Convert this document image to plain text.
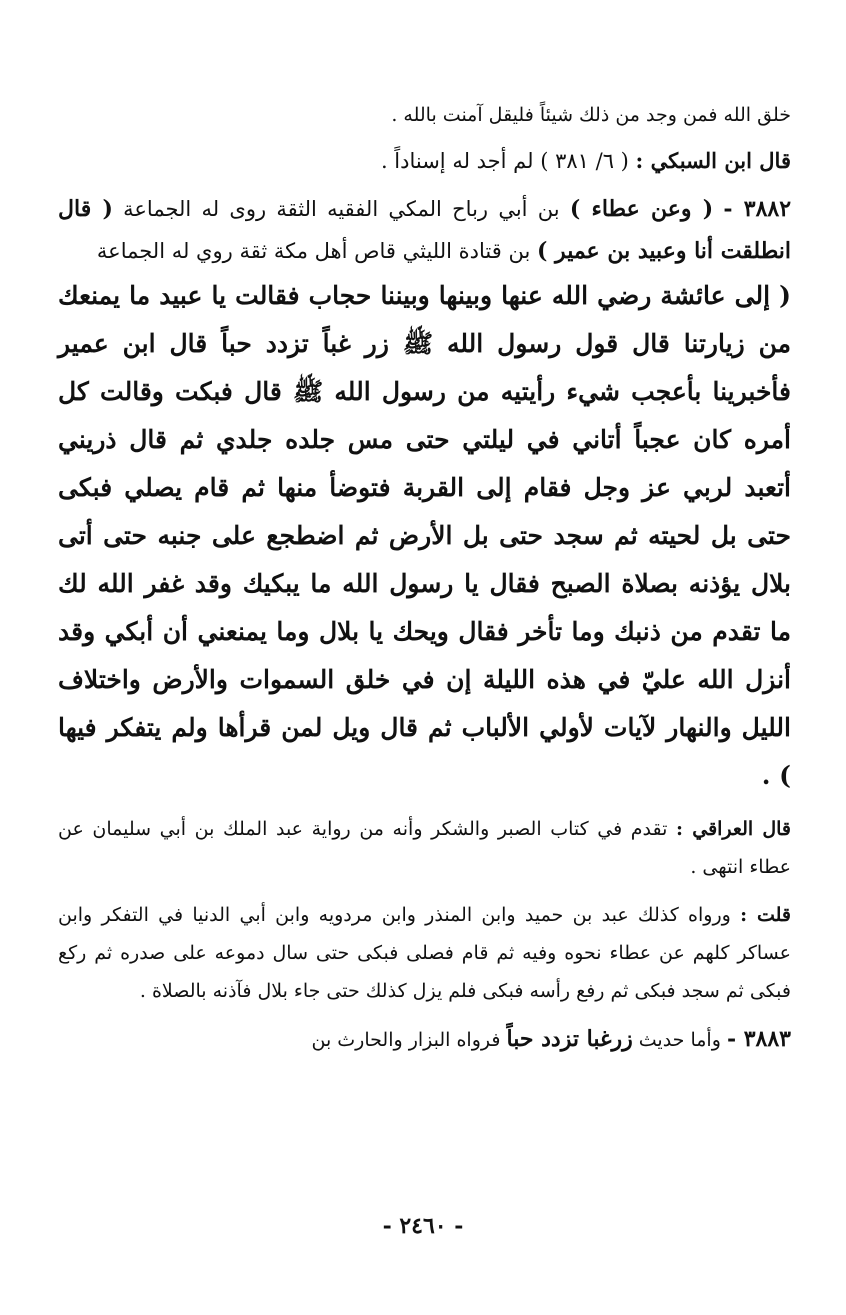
خلق الله فمن وجد من ذلك شيئاً فليقل آمنت بالله .

قال ابن السبكي : ( ٦/ ٣٨١ ) لم أجد له إسناداً .

٣٨٨٢ - ( وعن عطاء ) بن أبي رباح المكي الفقيه الثقة روى له الجماعة ( قال انطلقت أنا وعبيد بن عمير ) بن قتادة الليثي قاص أهل مكة ثقة روي له الجماعة

( إلى عائشة رضي الله عنها وبينها وبيننا حجاب فقالت يا عبيد ما يمنعك من زيارتنا قال قول رسول الله ﷺ زر غباً تزدد حباً قال ابن عمير فأخبرينا بأعجب شيء رأيتيه من رسول الله ﷺ قال فبكت وقالت كل أمره كان عجباً أتاني في ليلتي حتى مس جلده جلدي ثم قال ذريني أتعبد لربي عز وجل فقام إلى القربة فتوضأ منها ثم قام يصلي فبكى حتى بل لحيته ثم سجد حتى بل الأرض ثم اضطجع على جنبه حتى أتى بلال يؤذنه بصلاة الصبح فقال يا رسول الله ما يبكيك وقد غفر الله لك ما تقدم من ذنبك وما تأخر فقال ويحك يا بلال وما يمنعني أن أبكي وقد أنزل الله عليّ في هذه الليلة إن في خلق السموات والأرض واختلاف الليل والنهار لآيات لأولي الألباب ثم قال ويل لمن قرأها ولم يتفكر فيها ) .

قال العراقي : تقدم في كتاب الصبر والشكر وأنه من رواية عبد الملك بن أبي سليمان عن عطاء انتهى .

قلت : ورواه كذلك عبد بن حميد وابن المنذر وابن مردويه وابن أبي الدنيا في التفكر وابن عساكر كلهم عن عطاء نحوه وفيه ثم قام فصلى فبكى حتى سال دموعه على صدره ثم ركع فبكى ثم سجد فبكى ثم رفع رأسه فبكى فلم يزل كذلك حتى جاء بلال فآذنه بالصلاة .

٣٨٨٣ - وأما حديث زرغبا تزدد حباً فرواه البزار والحارث بن

- ٢٤٦٠ -
